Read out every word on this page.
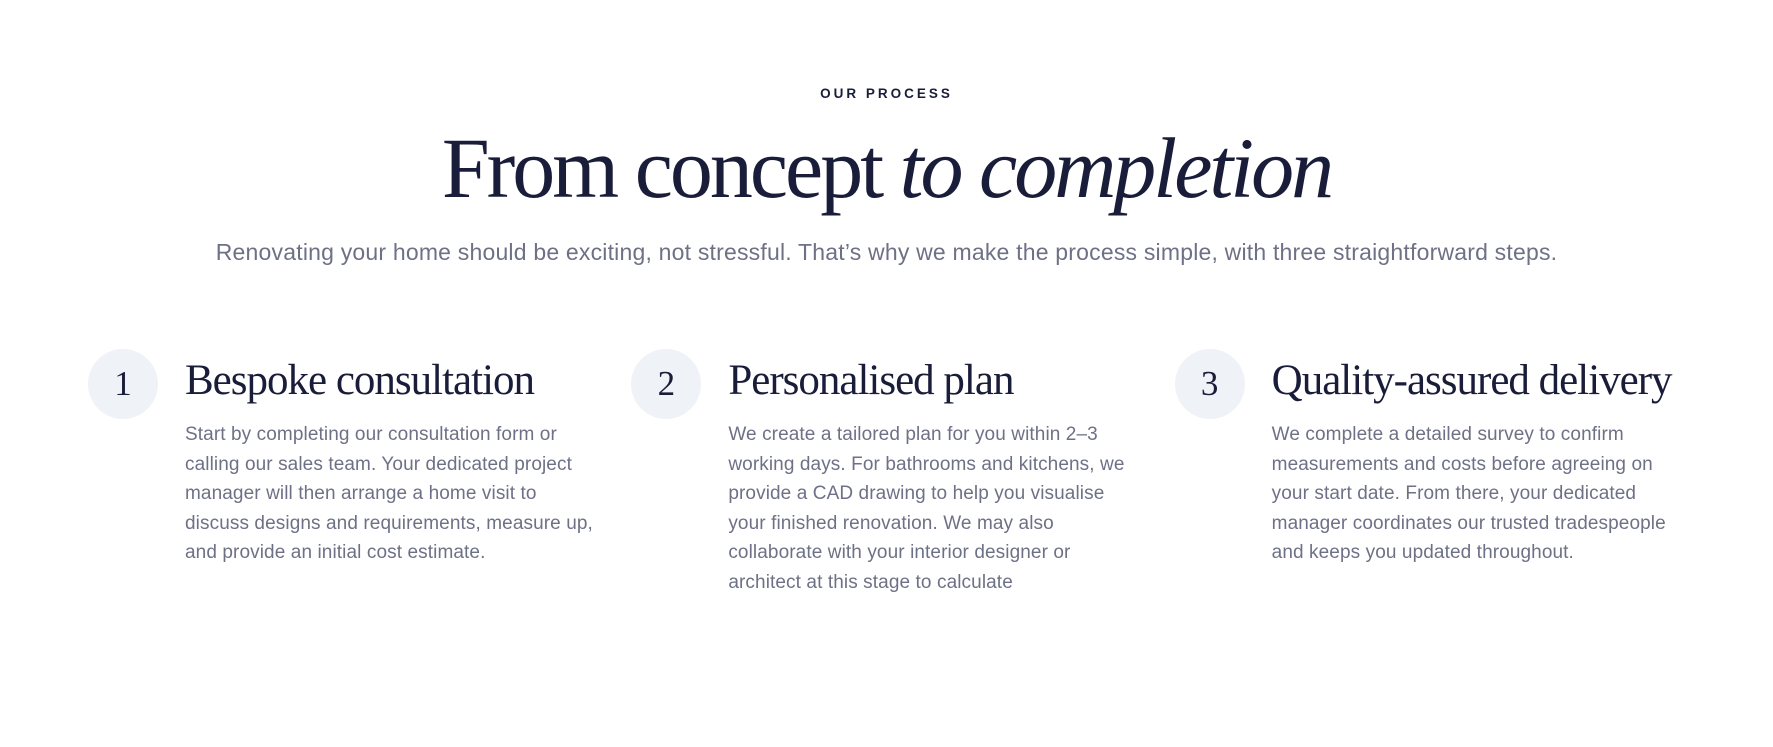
OUR PROCESS
From concept to completion
Renovating your home should be exciting, not stressful. That’s why we make the process simple, with three straightforward steps.
1 Bespoke consultation
Start by completing our consultation form or calling our sales team. Your dedicated project manager will then arrange a home visit to discuss designs and requirements, measure up, and provide an initial cost estimate.
2 Personalised plan
We create a tailored plan for you within 2–3 working days. For bathrooms and kitchens, we provide a CAD drawing to help you visualise your finished renovation. We may also collaborate with your interior designer or architect at this stage to calculate
3 Quality-assured delivery
We complete a detailed survey to confirm measurements and costs before agreeing on your start date. From there, your dedicated manager coordinates our trusted tradespeople and keeps you updated throughout.
